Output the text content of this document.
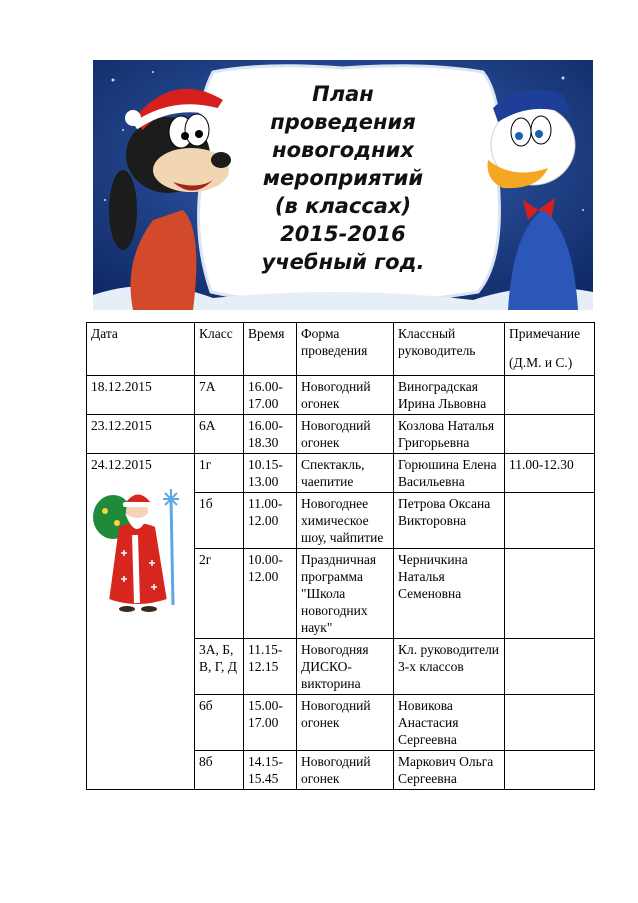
План
проведения
новогодних
мероприятий
(в классах)
2015-2016
учебный год.
Дата	Класс	Время	Форма проведения	Классный руководитель	Примечание
(Д.М. и С.)
18.12.2015	7А	16.00-17.00	Новогодний огонек	Виноградская Ирина Львовна	
23.12.2015	6А	16.00-18.30	Новогодний огонек	Козлова Наталья Григорьевна	
24.12.2015	1г	10.15-13.00	Спектакль, чаепитие	Горюшина Елена Васильевна	11.00-12.30
	1б	11.00-12.00	Новогоднее химическое шоу, чайпитие	Петрова Оксана Викторовна	
	2г	10.00-12.00	Праздничная программа "Школа новогодних наук"	Черничкина Наталья Семеновна	
	3А, Б, В, Г, Д	11.15-12.15	Новогодняя ДИСКО-викторина	Кл. руководители 3-х классов	
	6б	15.00-17.00	Новогодний огонек	Новикова Анастасия Сергеевна	
	8б	14.15-15.45	Новогодний огонек	Маркович Ольга Сергеевна	
